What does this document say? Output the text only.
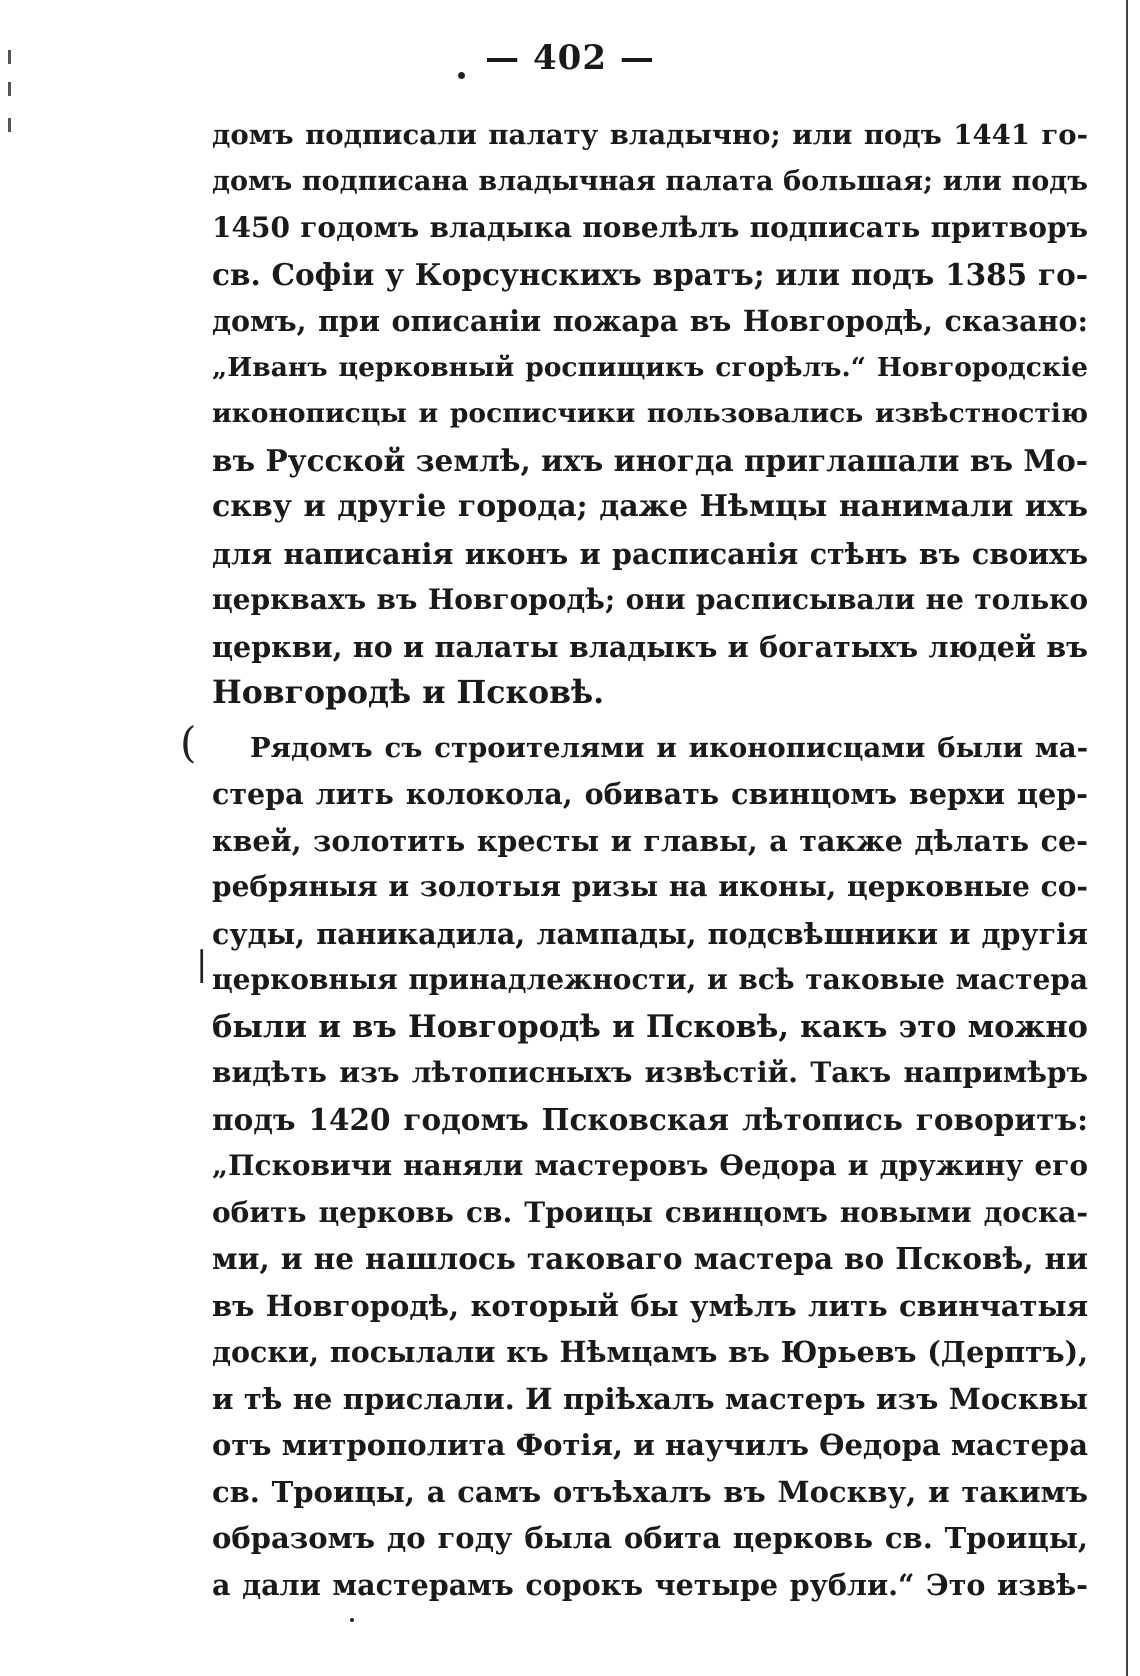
(
|
— 402 —
домъ подписали палату владычно; или подъ 1441 го-
домъ подписана владычная палата большая; или подъ
1450 годомъ владыка повелѣлъ подписать притворъ
св. Софіи у Корсунскихъ вратъ; или подъ 1385 го-
домъ, при описаніи пожара въ Новгородѣ, сказано:
„Иванъ церковный роспищикъ сгорѣлъ.“ Новгородскіе
иконописцы и росписчики пользовались извѣстностію
въ Русской землѣ, ихъ иногда приглашали въ Мо-
скву и другіе города; даже Нѣмцы нанимали ихъ
для написанія иконъ и расписанія стѣнъ въ своихъ
церквахъ въ Новгородѣ; они расписывали не только
церкви, но и палаты владыкъ и богатыхъ людей въ
Новгородѣ и Псковѣ.
Рядомъ съ строителями и иконописцами были ма-
стера лить колокола, обивать свинцомъ верхи цер-
квей, золотить кресты и главы, а также дѣлать се-
ребряныя и золотыя ризы на иконы, церковные со-
суды, паникадила, лампады, подсвѣшники и другія
церковныя принадлежности, и всѣ таковые мастера
были и въ Новгородѣ и Псковѣ, какъ это можно
видѣть изъ лѣтописныхъ извѣстій. Такъ напримѣръ
подъ 1420 годомъ Псковская лѣтопись говоритъ:
„Псковичи наняли мастеровъ Ѳедора и дружину его
обить церковь св. Троицы свинцомъ новыми доска-
ми, и не нашлось таковаго мастера во Псковѣ, ни
въ Новгородѣ, который бы умѣлъ лить свинчатыя
доски, посылали къ Нѣмцамъ въ Юрьевъ (Дерптъ),
и тѣ не прислали. И пріѣхалъ мастеръ изъ Москвы
отъ митрополита Фотія, и научилъ Ѳедора мастера
св. Троицы, а самъ отъѣхалъ въ Москву, и такимъ
образомъ до году была обита церковь св. Троицы,
а дали мастерамъ сорокъ четыре рубли.“ Это извѣ-
